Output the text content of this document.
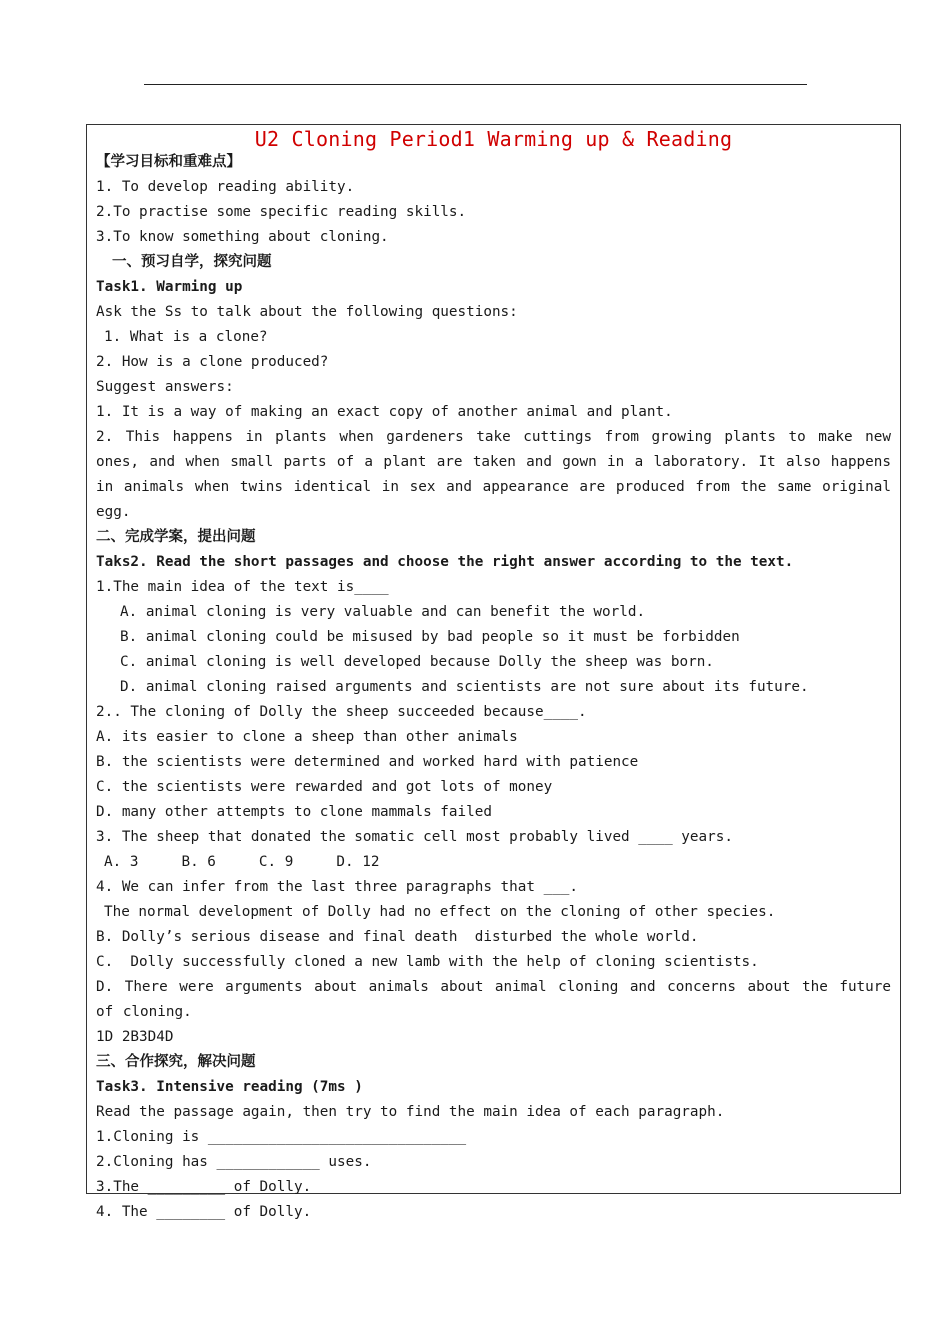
U2 Cloning Period1 Warming up & Reading
【学习目标和重难点】
1. To develop reading ability.
2.To practise some specific reading skills.
3.To know something about cloning.
一、预习自学，探究问题
Task1. Warming up
Ask the Ss to talk about the following questions:
1. What is a clone?
2. How is a clone produced?
Suggest answers:
1. It is a way of making an exact copy of another animal and plant.
2. This happens in plants when gardeners take cuttings from growing plants to make new ones, and when small parts of a plant are taken and gown in a laboratory. It also happens in animals when twins identical in sex and appearance are produced from the same original egg.
二、完成学案，提出问题
Taks2. Read the short passages and choose the right answer according to the text.
1.The main idea of the text is____
A. animal cloning is very valuable and can benefit the world.
B. animal cloning could be misused by bad people so it must be forbidden
C. animal cloning is well developed because Dolly the sheep was born.
D. animal cloning raised arguments and scientists are not sure about its future.
2.. The cloning of Dolly the sheep succeeded because____.
A. its easier to clone a sheep than other animals
B. the scientists were determined and worked hard with patience
C. the scientists were rewarded and got lots of money
D. many other attempts to clone mammals failed
3. The sheep that donated the somatic cell most probably lived ____ years.
A. 3     B. 6     C. 9     D. 12
4. We can infer from the last three paragraphs that ___.
The normal development of Dolly had no effect on the cloning of other species.
B. Dolly’s serious disease and final death  disturbed the whole world.
C.  Dolly successfully cloned a new lamb with the help of cloning scientists.
D. There were arguments about animals about animal cloning and concerns about the future of cloning.
1D 2B3D4D
三、合作探究，解决问题
Task3. Intensive reading (7ms )
Read the passage again, then try to find the main idea of each paragraph.
1.Cloning is ______________________________
2.Cloning has ____________ uses.
3.The _________ of Dolly.
4. The ________ of Dolly.
